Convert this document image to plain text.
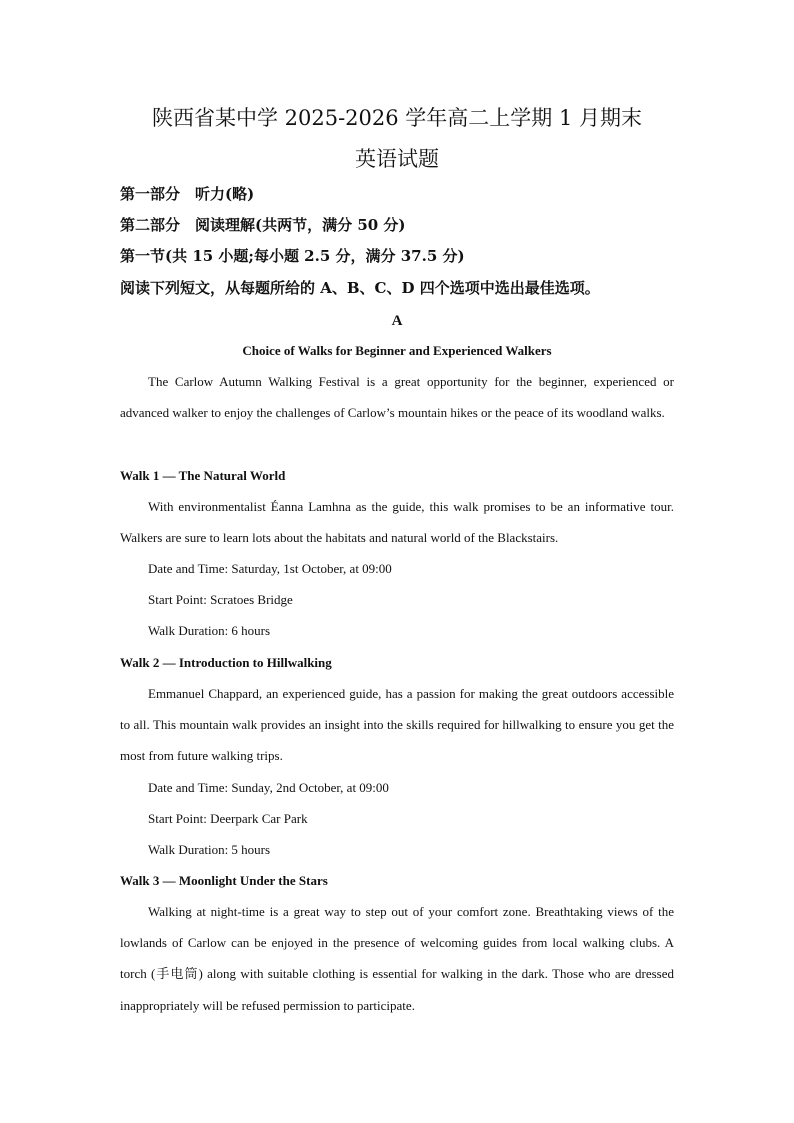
陕西省某中学 2025-2026 学年高二上学期 1 月期末
英语试题
第一部分　听力(略)
第二部分　阅读理解(共两节，满分 50 分)
第一节(共 15 小题;每小题 2.5 分，满分 37.5 分)
阅读下列短文，从每题所给的 A、B、C、D 四个选项中选出最佳选项。
A
Choice of Walks for Beginner and Experienced Walkers

The Carlow Autumn Walking Festival is a great opportunity for the beginner, experienced or advanced walker to enjoy the challenges of Carlow’s mountain hikes or the peace of its woodland walks.

Walk 1 — The Natural World

With environmentalist Éanna Lamhna as the guide, this walk promises to be an informative tour. Walkers are sure to learn lots about the habitats and natural world of the Blackstairs.

Date and Time: Saturday, 1st October, at 09:00
Start Point: Scratoes Bridge
Walk Duration: 6 hours
Walk 2 — Introduction to Hillwalking

Emmanuel Chappard, an experienced guide, has a passion for making the great outdoors accessible to all. This mountain walk provides an insight into the skills required for hillwalking to ensure you get the most from future walking trips.

Date and Time: Sunday, 2nd October, at 09:00
Start Point: Deerpark Car Park
Walk Duration: 5 hours
Walk 3 — Moonlight Under the Stars

Walking at night-time is a great way to step out of your comfort zone. Breathtaking views of the lowlands of Carlow can be enjoyed in the presence of welcoming guides from local walking clubs. A torch (手电筒) along with suitable clothing is essential for walking in the dark. Those who are dressed inappropriately will be refused permission to participate.
